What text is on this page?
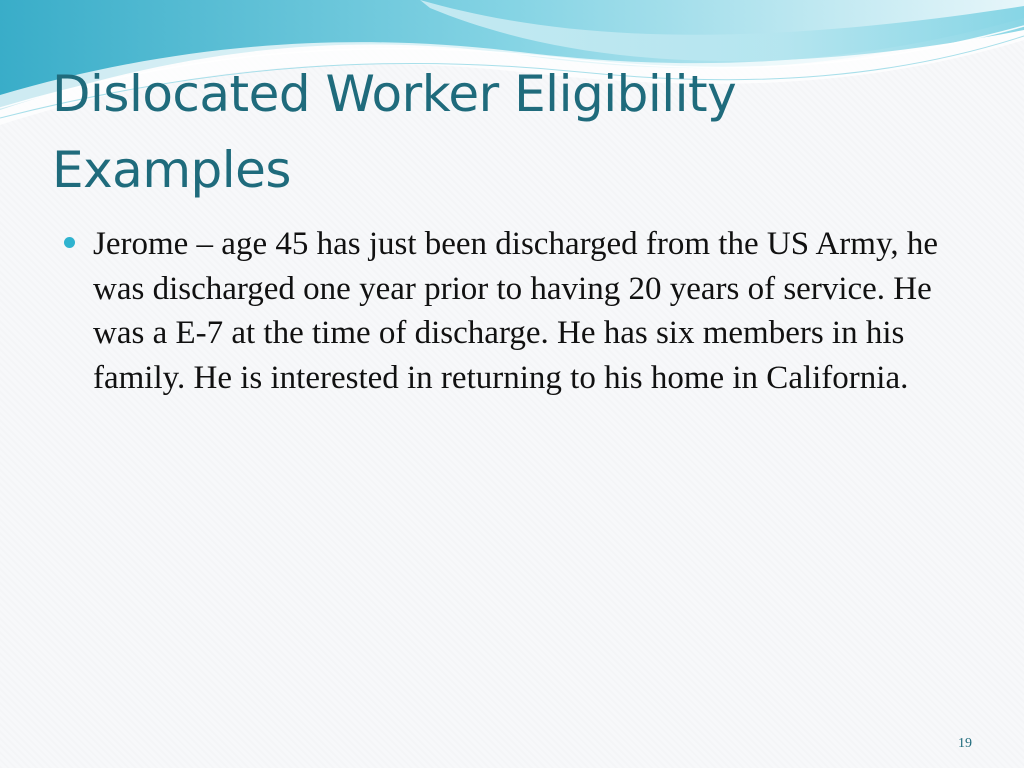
Dislocated Worker Eligibility
Examples
Jerome – age 45 has just been discharged from the US Army, he was discharged one year prior to having 20 years of service. He was a E-7 at the time of discharge. He has six members in his family. He is interested in returning to his home in California.
19
